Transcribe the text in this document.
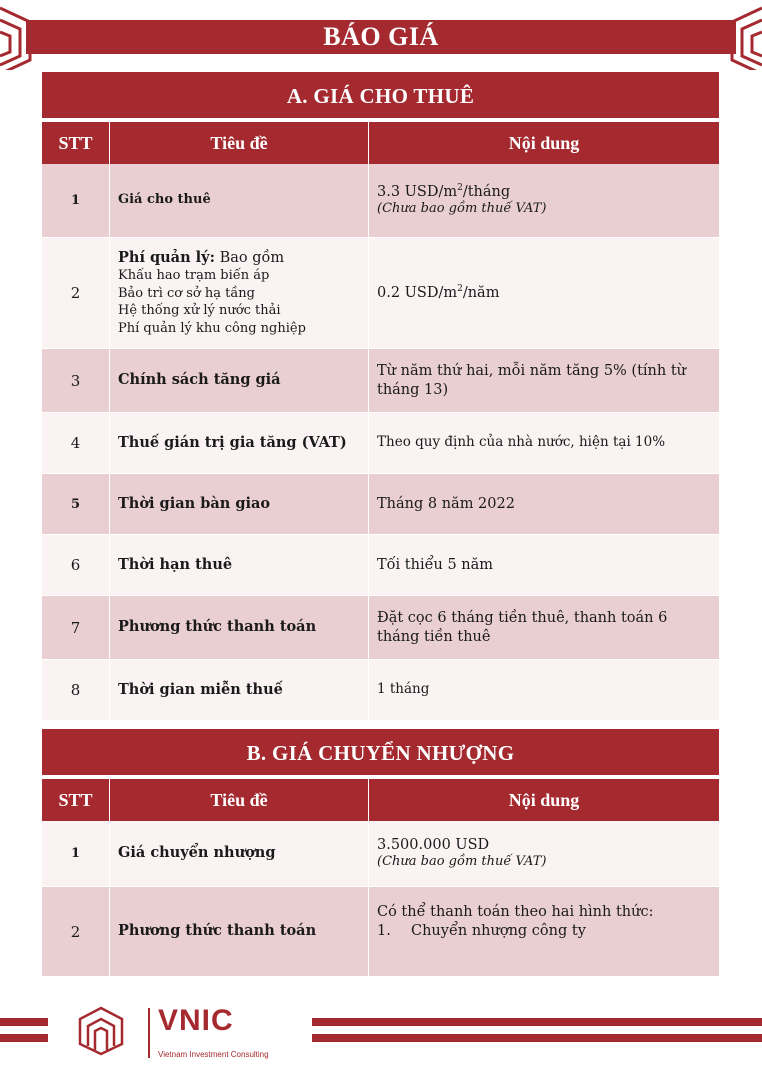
BÁO GIÁ
A. GIÁ CHO THUÊ
STT	Tiêu đề	Nội dung
1	Giá cho thuê	3.3 USD/$m^2$/tháng
(Chưa bao gồm thuế VAT)

2	Phí quản lý: Bao gồm
Khấu hao trạm biến áp
Bảo trì cơ sở hạ tầng
Hệ thống xử lý nước thải
Phí quản lý khu công nghiệp	0.2 USD/$m^2$/năm
3	Chính sách tăng giá	Từ năm thứ hai, mỗi năm tăng 5% (tính từ tháng 13)
4	Thuế gián trị gia tăng (VAT)	Theo quy định của nhà nước, hiện tại 10%
5	Thời gian bàn giao	Tháng 8 năm 2022
6	Thời hạn thuê	Tối thiểu 5 năm
7	Phương thức thanh toán	Đặt cọc 6 tháng tiền thuê, thanh toán 6 tháng tiền thuê
8	Thời gian miễn thuế	1 tháng
B. GIÁ CHUYỂN NHƯỢNG
STT	Tiêu đề	Nội dung
1	Giá chuyển nhượng	3.500.000 USD
(Chưa bao gồm thuế VAT)

2	Phương thức thanh toán	Có thể thanh toán theo hai hình thức:
1. Chuyển nhượng công ty
VNIC
Vietnam Investment Consulting
